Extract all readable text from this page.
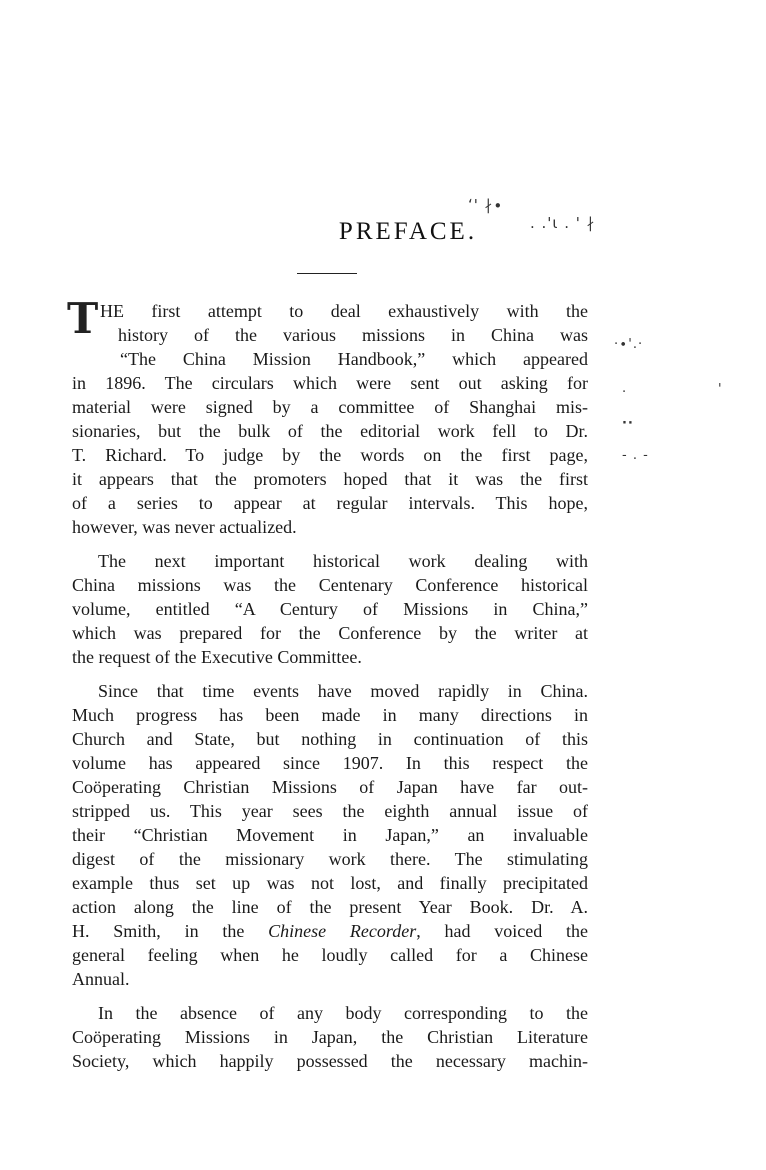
PREFACE.
ʻ' ∤∙
. .'ι . ' ∤
·∙'.·
·	'
·∙
- . -
T HE first attempt to deal exhaustively with the
history of the various missions in China was
“The China Mission Handbook,” which appeared
in 1896. The circulars which were sent out asking for
material were signed by a committee of Shanghai mis-
sionaries, but the bulk of the editorial work fell to Dr.
T. Richard. To judge by the words on the first page,
it appears that the promoters hoped that it was the first
of a series to appear at regular intervals. This hope,
however, was never actualized.
The next important historical work dealing with
China missions was the Centenary Conference historical
volume, entitled “A Century of Missions in China,”
which was prepared for the Conference by the writer at
the request of the Executive Committee.
Since that time events have moved rapidly in China.
Much progress has been made in many directions in
Church and State, but nothing in continuation of this
volume has appeared since 1907. In this respect the
Coöperating Christian Missions of Japan have far out-
stripped us. This year sees the eighth annual issue of
their “Christian Movement in Japan,” an invaluable
digest of the missionary work there. The stimulating
example thus set up was not lost, and finally precipitated
action along the line of the present Year Book. Dr. A.
H. Smith, in the Chinese Recorder, had voiced the
general feeling when he loudly called for a Chinese
Annual.
In the absence of any body corresponding to the
Coöperating Missions in Japan, the Christian Literature
Society, which happily possessed the necessary machin-
